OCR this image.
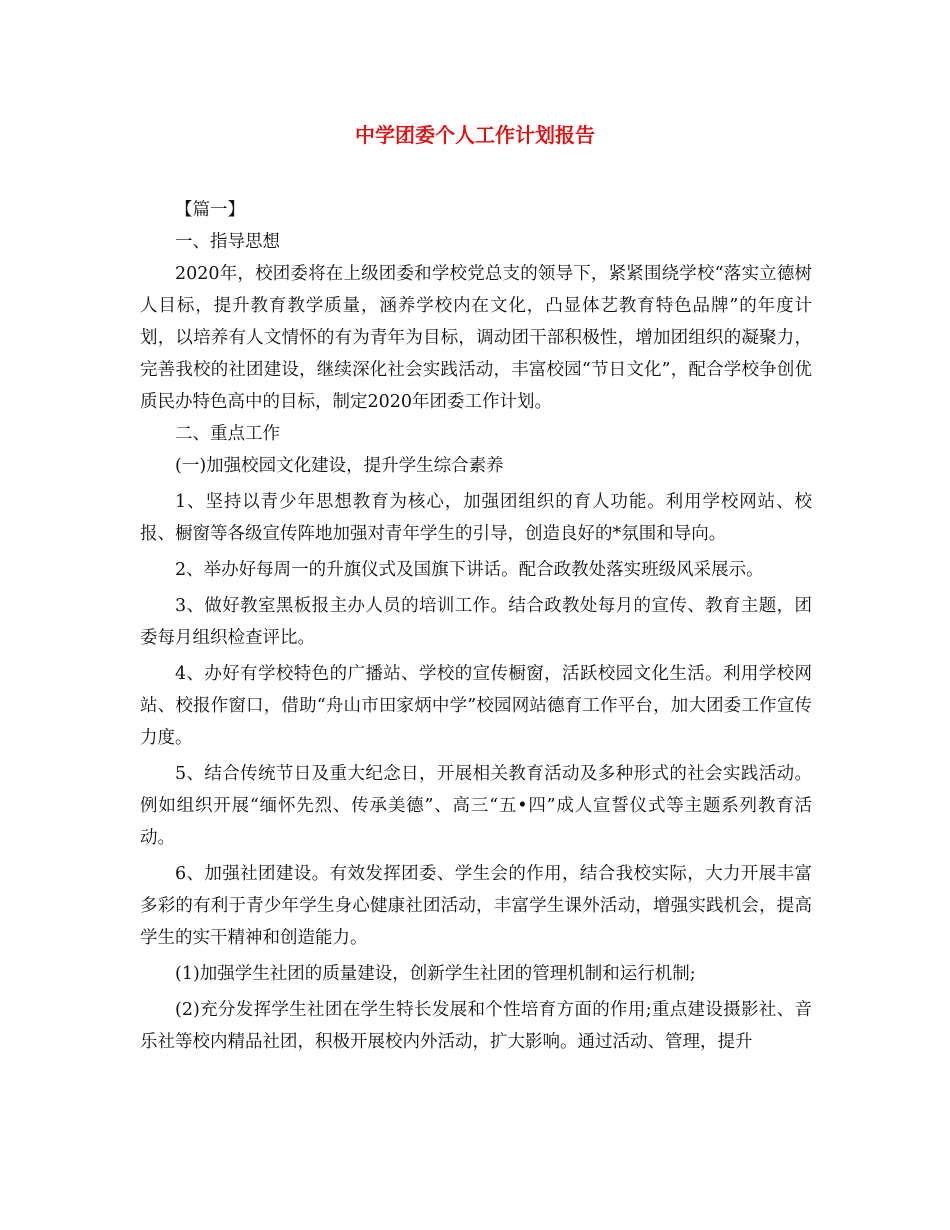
中学团委个人工作计划报告

【篇一】

一、指导思想

2020年，校团委将在上级团委和学校党总支的领导下，紧紧围绕学校“落实立德树人目标，提升教育教学质量，涵养学校内在文化，凸显体艺教育特色品牌”的年度计划，以培养有人文情怀的有为青年为目标，调动团干部积极性，增加团组织的凝聚力，完善我校的社团建设，继续深化社会实践活动，丰富校园“节日文化”，配合学校争创优质民办特色高中的目标，制定2020年团委工作计划。

二、重点工作

(一)加强校园文化建设，提升学生综合素养

1、坚持以青少年思想教育为核心，加强团组织的育人功能。利用学校网站、校报、橱窗等各级宣传阵地加强对青年学生的引导，创造良好的*氛围和导向。

2、举办好每周一的升旗仪式及国旗下讲话。配合政教处落实班级风采展示。

3、做好教室黑板报主办人员的培训工作。结合政教处每月的宣传、教育主题，团委每月组织检查评比。

4、办好有学校特色的广播站、学校的宣传橱窗，活跃校园文化生活。利用学校网站、校报作窗口，借助“舟山市田家炳中学”校园网站德育工作平台，加大团委工作宣传力度。

5、结合传统节日及重大纪念日，开展相关教育活动及多种形式的社会实践活动。例如组织开展“缅怀先烈、传承美德”、高三“五•四”成人宣誓仪式等主题系列教育活动。

6、加强社团建设。有效发挥团委、学生会的作用，结合我校实际，大力开展丰富多彩的有利于青少年学生身心健康社团活动，丰富学生课外活动，增强实践机会，提高学生的实干精神和创造能力。

(1)加强学生社团的质量建设，创新学生社团的管理机制和运行机制;

(2)充分发挥学生社团在学生特长发展和个性培育方面的作用;重点建设摄影社、音乐社等校内精品社团，积极开展校内外活动，扩大影响。通过活动、管理，提升
